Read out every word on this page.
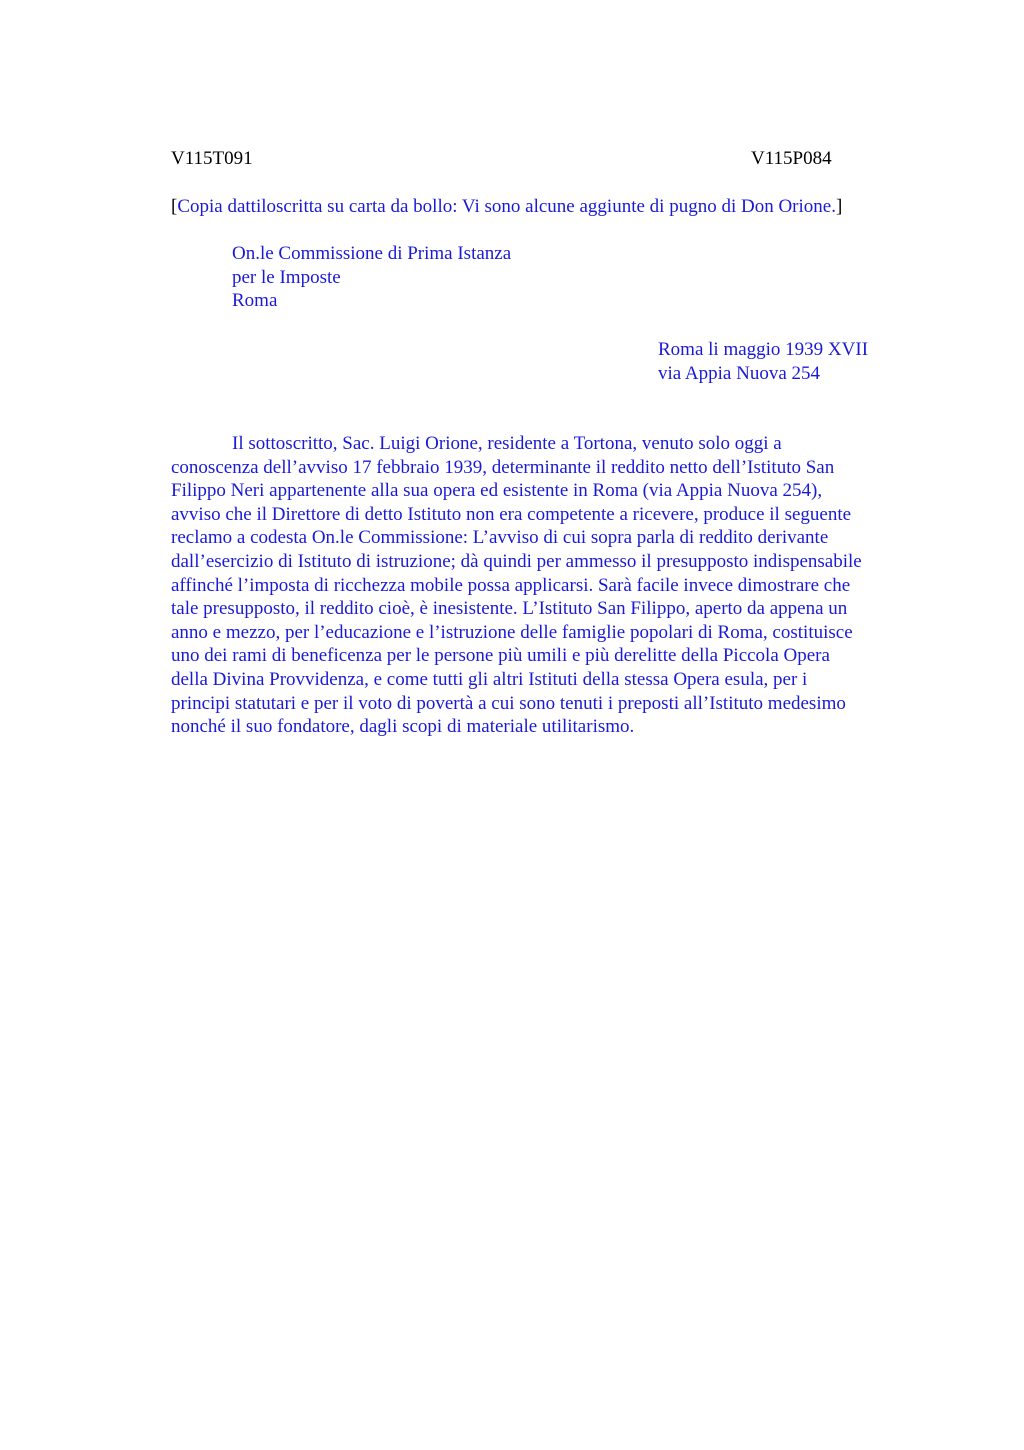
V115T091	V115P084
[Copia dattiloscritta su carta da bollo: Vi sono alcune aggiunte di pugno di Don Orione.]
On.le Commissione di Prima Istanza
per le Imposte
Roma
Roma li maggio 1939 XVII
via Appia Nuova 254
Il sottoscritto, Sac. Luigi Orione, residente a Tortona, venuto solo oggi a
conoscenza dell’avviso 17 febbraio 1939, determinante il reddito netto dell’Istituto San
Filippo Neri appartenente alla sua opera ed esistente in Roma (via Appia Nuova 254),
avviso che il Direttore di detto Istituto non era competente a ricevere, produce il seguente
reclamo a codesta On.le Commissione: L’avviso di cui sopra parla di reddito derivante
dall’esercizio di Istituto di istruzione; dà quindi per ammesso il presupposto indispensabile
affinché l’imposta di ricchezza mobile possa applicarsi. Sarà facile invece dimostrare che
tale presupposto, il reddito cioè, è inesistente. L’Istituto San Filippo, aperto da appena un
anno e mezzo, per l’educazione e l’istruzione delle famiglie popolari di Roma, costituisce
uno dei rami di beneficenza per le persone più umili e più derelitte della Piccola Opera
della Divina Provvidenza, e come tutti gli altri Istituti della stessa Opera esula, per i
principi statutari e per il voto di povertà a cui sono tenuti i preposti all’Istituto medesimo
nonché il suo fondatore, dagli scopi di materiale utilitarismo.
